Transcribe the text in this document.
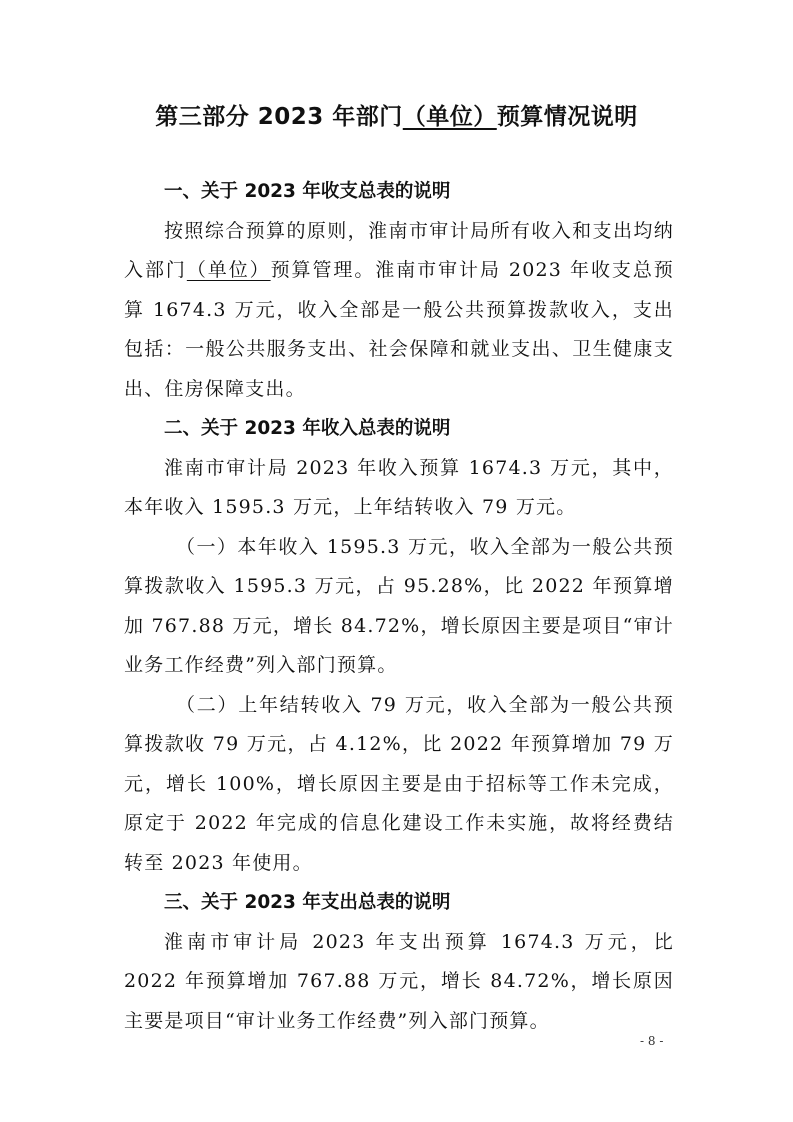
第三部分 2023 年部门（单位）预算情况说明

一、关于 2023 年收支总表的说明

按照综合预算的原则，淮南市审计局所有收入和支出均纳入部门（单位）预算管理。淮南市审计局 2023 年收支总预算 1674.3 万元，收入全部是一般公共预算拨款收入，支出包括：一般公共服务支出、社会保障和就业支出、卫生健康支出、住房保障支出。

二、关于 2023 年收入总表的说明

淮南市审计局 2023 年收入预算 1674.3 万元，其中，本年收入 1595.3 万元，上年结转收入 79 万元。

（一）本年收入 1595.3 万元，收入全部为一般公共预算拨款收入 1595.3 万元，占 95.28%，比 2022 年预算增加 767.88 万元，增长 84.72%，增长原因主要是项目“审计业务工作经费”列入部门预算。

（二）上年结转收入 79 万元，收入全部为一般公共预算拨款收 79 万元，占 4.12%，比 2022 年预算增加 79 万元，增长 100%，增长原因主要是由于招标等工作未完成，原定于 2022 年完成的信息化建设工作未实施，故将经费结转至 2023 年使用。

三、关于 2023 年支出总表的说明

淮南市审计局 2023 年支出预算 1674.3 万元，比 2022 年预算增加 767.88 万元，增长 84.72%，增长原因主要是项目“审计业务工作经费”列入部门预算。

- 8 -
